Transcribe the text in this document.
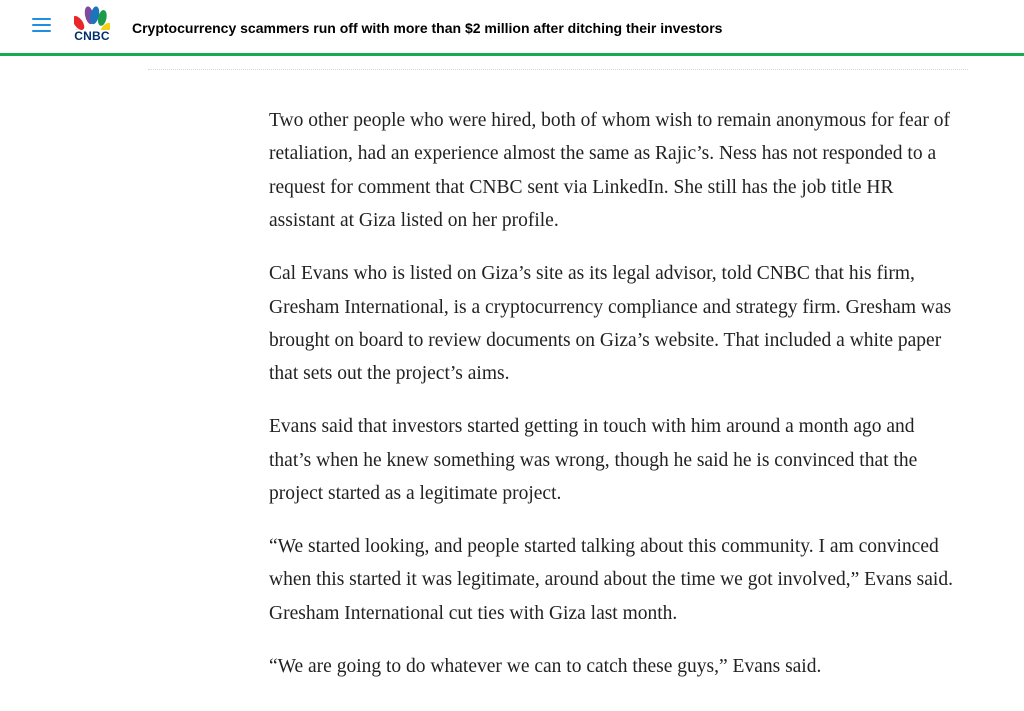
CNBC	Cryptocurrency scammers run off with more than $2 million after ditching their investors

Two other people who were hired, both of whom wish to remain anonymous for fear of retaliation, had an experience almost the same as Rajic’s. Ness has not responded to a request for comment that CNBC sent via LinkedIn. She still has the job title HR assistant at Giza listed on her profile.

Cal Evans who is listed on Giza’s site as its legal advisor, told CNBC that his firm, Gresham International, is a cryptocurrency compliance and strategy firm. Gresham was brought on board to review documents on Giza’s website. That included a white paper that sets out the project’s aims.

Evans said that investors started getting in touch with him around a month ago and that’s when he knew something was wrong, though he said he is convinced that the project started as a legitimate project.

“We started looking, and people started talking about this community. I am convinced when this started it was legitimate, around about the time we got involved,” Evans said. Gresham International cut ties with Giza last month.

“We are going to do whatever we can to catch these guys,” Evans said.
